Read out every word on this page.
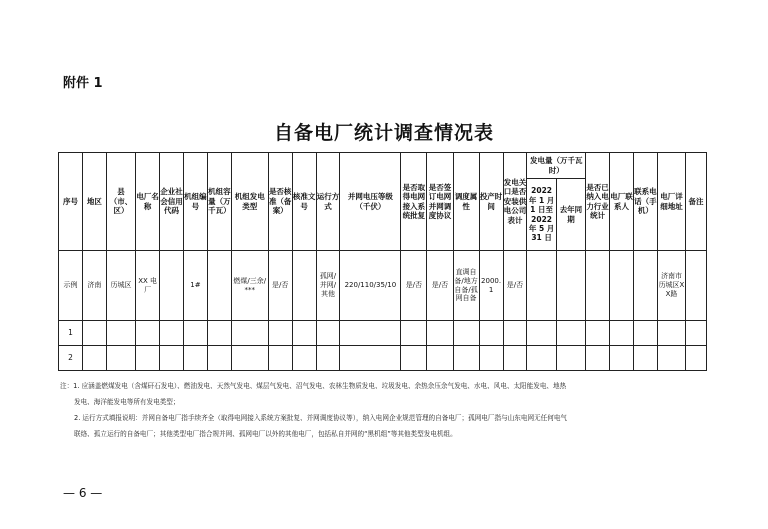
附件 1
自备电厂统计调查情况表
序号	地区	县（市、区）	电厂名称	企业社会信用代码	机组编号	机组容量（万千瓦）	机组发电类型	是否核准（备案）	核准文号	运行方式	并网电压等级（千伏）	是否取得电网接入系统批复	是否签订电网并网调度协议	调度属性	投产时间	发电关口是否安装供电公司表计	发电量（万千瓦时）		是否已纳入电力行业统计	电厂联系人	联系电话（手机）	电厂详细地址	备注
																	2022 年 1 月 1 日至 2022 年 5 月 31 日	去年同期					
示例	济南	历城区	XX 电厂		1#		燃煤/三余/***	是/否		孤网/并网/其他	220/110/35/10	是/否	是/否	直调自备/地方自备/孤网自备	2000.1	是/否						济南市历城区XX路	
1																							
2																							
注：1. 应涵盖燃煤发电（含煤矸石发电）、燃油发电、天然气发电、煤层气发电、沼气发电、农林生物质发电、垃圾发电、余热余压余气发电、水电、风电、太阳能发电、地热
发电、海洋能发电等所有发电类型；
2. 运行方式填报说明：并网自备电厂指手续齐全（取得电网接入系统方案批复、并网调度协议等），纳入电网企业规范管理的自备电厂；孤网电厂指与山东电网无任何电气
联络、孤立运行的自备电厂；其他类型电厂指合规并网、孤网电厂以外的其他电厂，包括私自并网的“黑机组”等其他类型发电机组。
— 6 —
